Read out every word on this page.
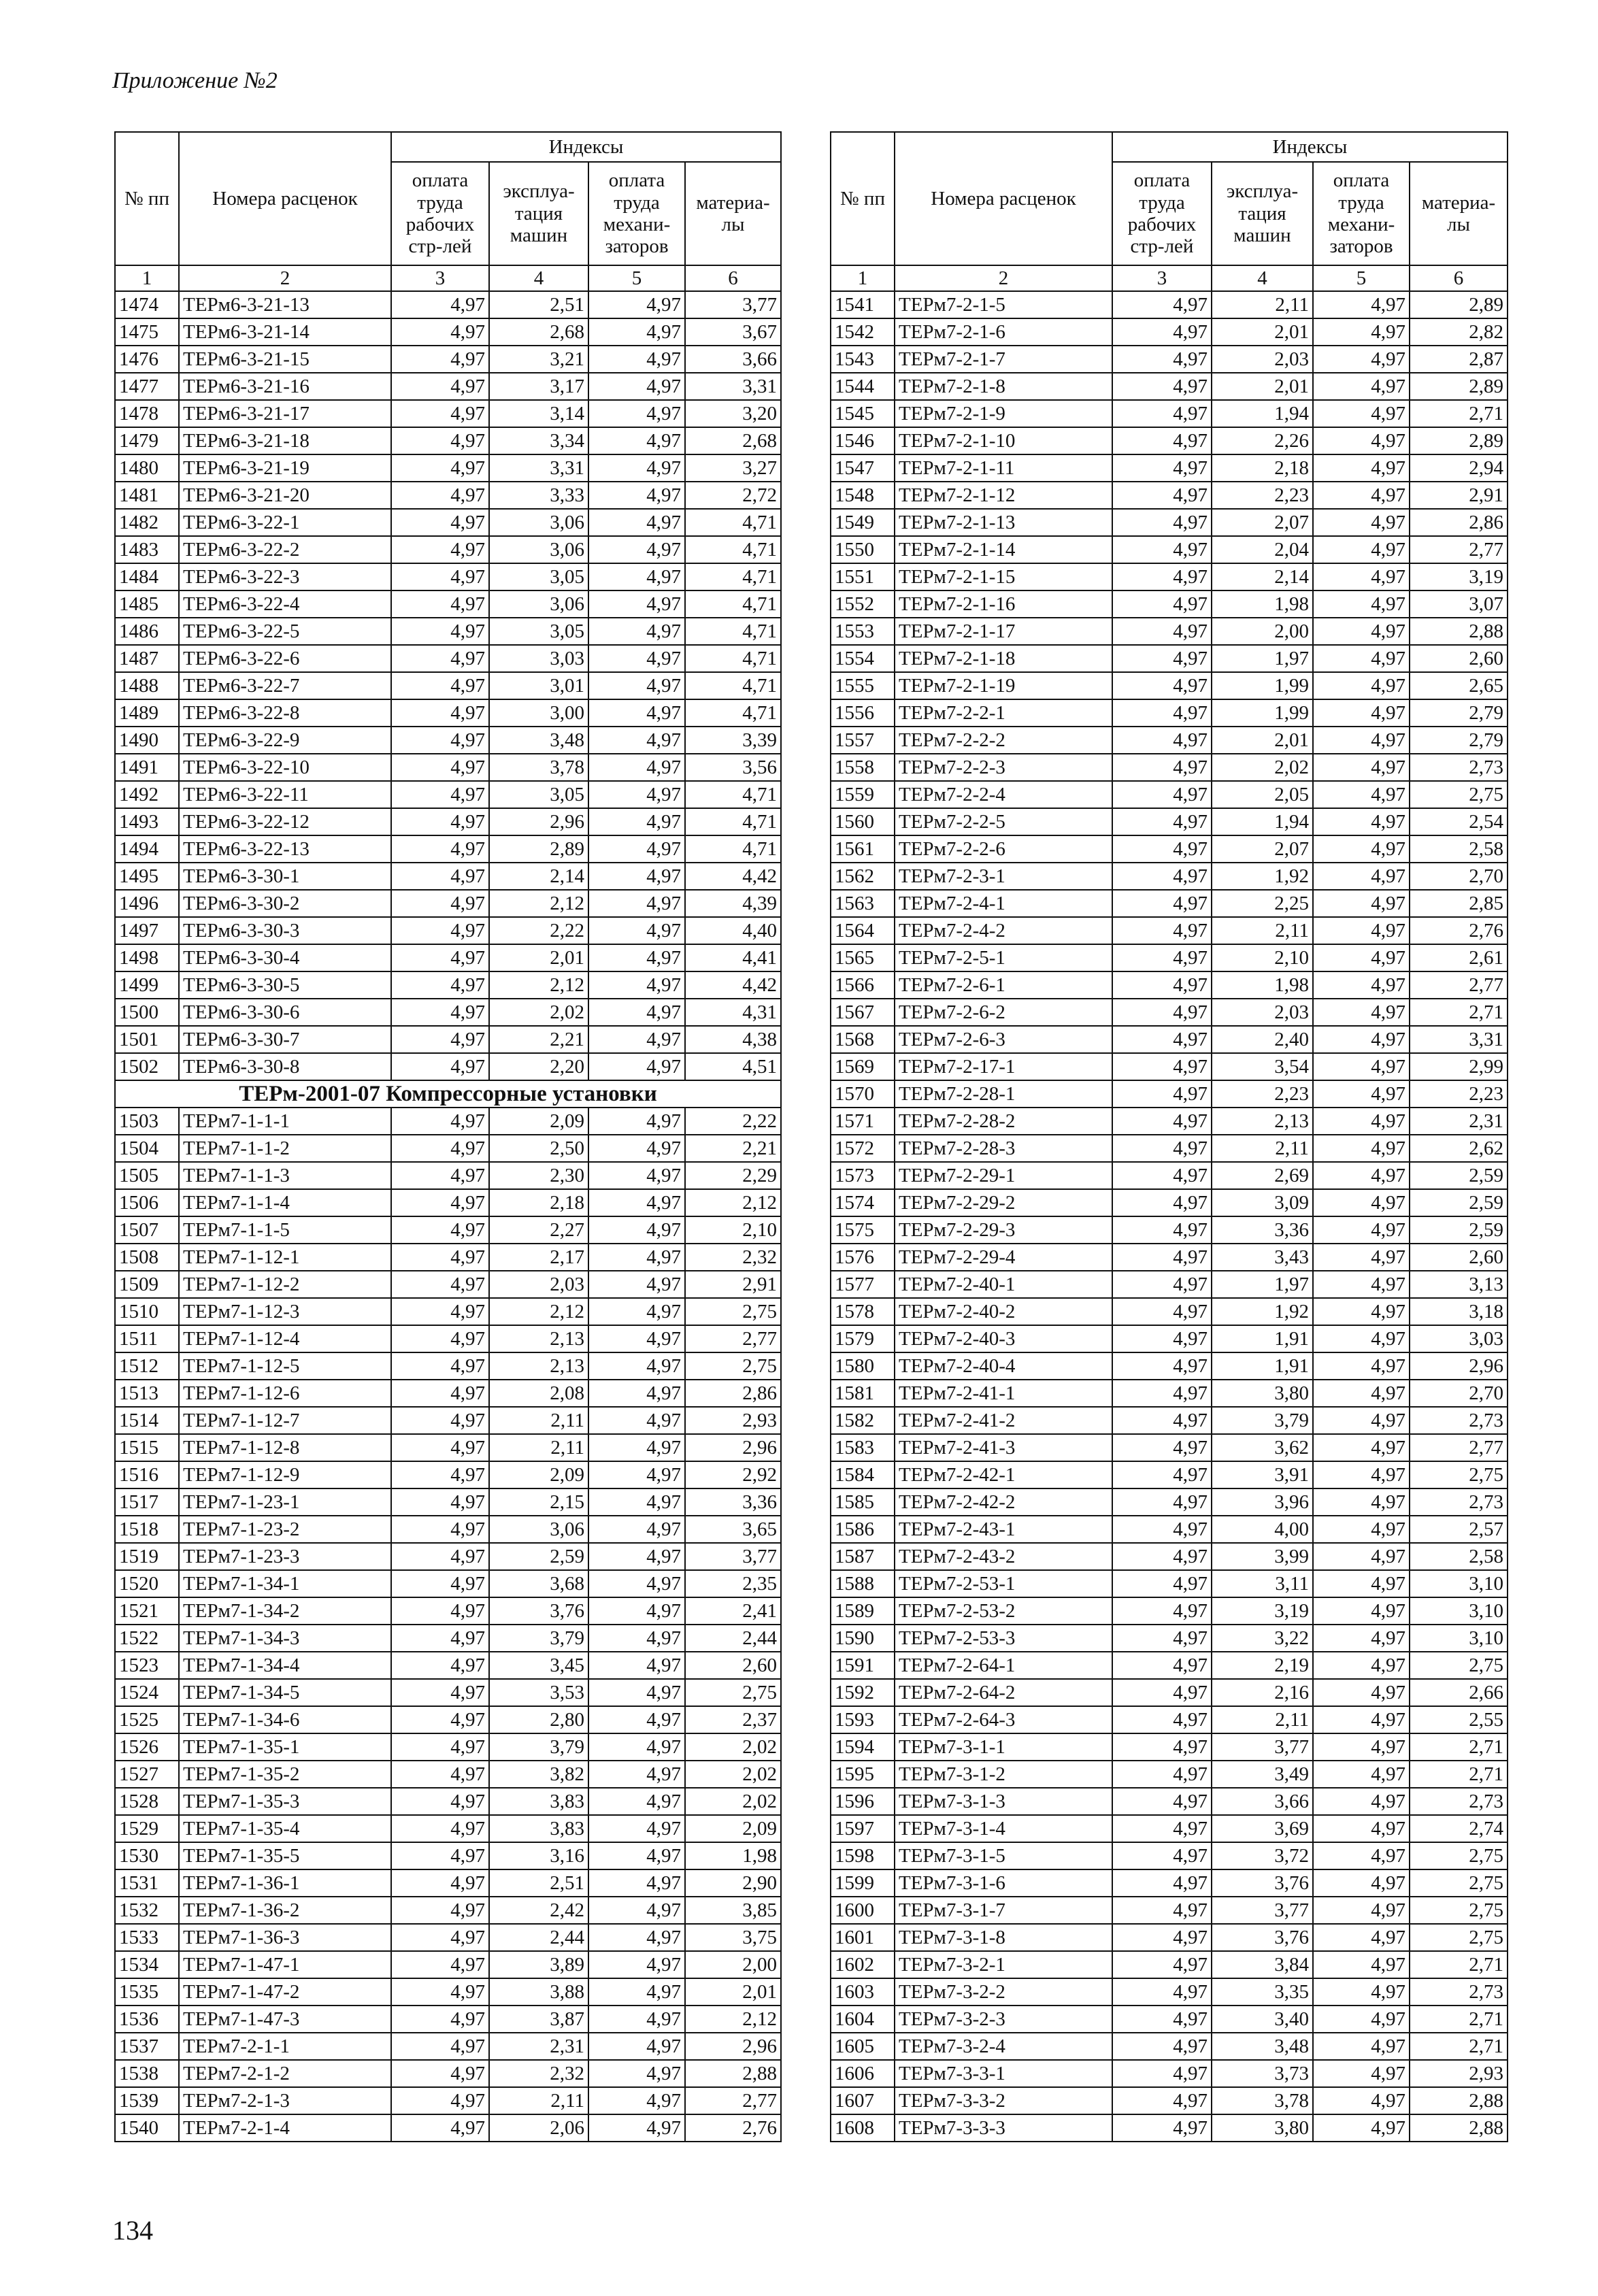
Приложение №2
№ пп	Номера расценок	Индексы			
		оплата труда рабочих стр-лей	эксплуа-тация машин	оплата труда механи-заторов	материа-лы
1	2	3	4	5	6
1474	ТЕРм6-3-21-13	4,97	2,51	4,97	3,77
1475	ТЕРм6-3-21-14	4,97	2,68	4,97	3,67
1476	ТЕРм6-3-21-15	4,97	3,21	4,97	3,66
1477	ТЕРм6-3-21-16	4,97	3,17	4,97	3,31
1478	ТЕРм6-3-21-17	4,97	3,14	4,97	3,20
1479	ТЕРм6-3-21-18	4,97	3,34	4,97	2,68
1480	ТЕРм6-3-21-19	4,97	3,31	4,97	3,27
1481	ТЕРм6-3-21-20	4,97	3,33	4,97	2,72
1482	ТЕРм6-3-22-1	4,97	3,06	4,97	4,71
1483	ТЕРм6-3-22-2	4,97	3,06	4,97	4,71
1484	ТЕРм6-3-22-3	4,97	3,05	4,97	4,71
1485	ТЕРм6-3-22-4	4,97	3,06	4,97	4,71
1486	ТЕРм6-3-22-5	4,97	3,05	4,97	4,71
1487	ТЕРм6-3-22-6	4,97	3,03	4,97	4,71
1488	ТЕРм6-3-22-7	4,97	3,01	4,97	4,71
1489	ТЕРм6-3-22-8	4,97	3,00	4,97	4,71
1490	ТЕРм6-3-22-9	4,97	3,48	4,97	3,39
1491	ТЕРм6-3-22-10	4,97	3,78	4,97	3,56
1492	ТЕРм6-3-22-11	4,97	3,05	4,97	4,71
1493	ТЕРм6-3-22-12	4,97	2,96	4,97	4,71
1494	ТЕРм6-3-22-13	4,97	2,89	4,97	4,71
1495	ТЕРм6-3-30-1	4,97	2,14	4,97	4,42
1496	ТЕРм6-3-30-2	4,97	2,12	4,97	4,39
1497	ТЕРм6-3-30-3	4,97	2,22	4,97	4,40
1498	ТЕРм6-3-30-4	4,97	2,01	4,97	4,41
1499	ТЕРм6-3-30-5	4,97	2,12	4,97	4,42
1500	ТЕРм6-3-30-6	4,97	2,02	4,97	4,31
1501	ТЕРм6-3-30-7	4,97	2,21	4,97	4,38
1502	ТЕРм6-3-30-8	4,97	2,20	4,97	4,51
ТЕРм-2001-07 Компрессорные установки					
1503	ТЕРм7-1-1-1	4,97	2,09	4,97	2,22
1504	ТЕРм7-1-1-2	4,97	2,50	4,97	2,21
1505	ТЕРм7-1-1-3	4,97	2,30	4,97	2,29
1506	ТЕРм7-1-1-4	4,97	2,18	4,97	2,12
1507	ТЕРм7-1-1-5	4,97	2,27	4,97	2,10
1508	ТЕРм7-1-12-1	4,97	2,17	4,97	2,32
1509	ТЕРм7-1-12-2	4,97	2,03	4,97	2,91
1510	ТЕРм7-1-12-3	4,97	2,12	4,97	2,75
1511	ТЕРм7-1-12-4	4,97	2,13	4,97	2,77
1512	ТЕРм7-1-12-5	4,97	2,13	4,97	2,75
1513	ТЕРм7-1-12-6	4,97	2,08	4,97	2,86
1514	ТЕРм7-1-12-7	4,97	2,11	4,97	2,93
1515	ТЕРм7-1-12-8	4,97	2,11	4,97	2,96
1516	ТЕРм7-1-12-9	4,97	2,09	4,97	2,92
1517	ТЕРм7-1-23-1	4,97	2,15	4,97	3,36
1518	ТЕРм7-1-23-2	4,97	3,06	4,97	3,65
1519	ТЕРм7-1-23-3	4,97	2,59	4,97	3,77
1520	ТЕРм7-1-34-1	4,97	3,68	4,97	2,35
1521	ТЕРм7-1-34-2	4,97	3,76	4,97	2,41
1522	ТЕРм7-1-34-3	4,97	3,79	4,97	2,44
1523	ТЕРм7-1-34-4	4,97	3,45	4,97	2,60
1524	ТЕРм7-1-34-5	4,97	3,53	4,97	2,75
1525	ТЕРм7-1-34-6	4,97	2,80	4,97	2,37
1526	ТЕРм7-1-35-1	4,97	3,79	4,97	2,02
1527	ТЕРм7-1-35-2	4,97	3,82	4,97	2,02
1528	ТЕРм7-1-35-3	4,97	3,83	4,97	2,02
1529	ТЕРм7-1-35-4	4,97	3,83	4,97	2,09
1530	ТЕРм7-1-35-5	4,97	3,16	4,97	1,98
1531	ТЕРм7-1-36-1	4,97	2,51	4,97	2,90
1532	ТЕРм7-1-36-2	4,97	2,42	4,97	3,85
1533	ТЕРм7-1-36-3	4,97	2,44	4,97	3,75
1534	ТЕРм7-1-47-1	4,97	3,89	4,97	2,00
1535	ТЕРм7-1-47-2	4,97	3,88	4,97	2,01
1536	ТЕРм7-1-47-3	4,97	3,87	4,97	2,12
1537	ТЕРм7-2-1-1	4,97	2,31	4,97	2,96
1538	ТЕРм7-2-1-2	4,97	2,32	4,97	2,88
1539	ТЕРм7-2-1-3	4,97	2,11	4,97	2,77
1540	ТЕРм7-2-1-4	4,97	2,06	4,97	2,76
№ пп	Номера расценок	Индексы			
		оплата труда рабочих стр-лей	эксплуа-тация машин	оплата труда механи-заторов	материа-лы
1	2	3	4	5	6
1541	ТЕРм7-2-1-5	4,97	2,11	4,97	2,89
1542	ТЕРм7-2-1-6	4,97	2,01	4,97	2,82
1543	ТЕРм7-2-1-7	4,97	2,03	4,97	2,87
1544	ТЕРм7-2-1-8	4,97	2,01	4,97	2,89
1545	ТЕРм7-2-1-9	4,97	1,94	4,97	2,71
1546	ТЕРм7-2-1-10	4,97	2,26	4,97	2,89
1547	ТЕРм7-2-1-11	4,97	2,18	4,97	2,94
1548	ТЕРм7-2-1-12	4,97	2,23	4,97	2,91
1549	ТЕРм7-2-1-13	4,97	2,07	4,97	2,86
1550	ТЕРм7-2-1-14	4,97	2,04	4,97	2,77
1551	ТЕРм7-2-1-15	4,97	2,14	4,97	3,19
1552	ТЕРм7-2-1-16	4,97	1,98	4,97	3,07
1553	ТЕРм7-2-1-17	4,97	2,00	4,97	2,88
1554	ТЕРм7-2-1-18	4,97	1,97	4,97	2,60
1555	ТЕРм7-2-1-19	4,97	1,99	4,97	2,65
1556	ТЕРм7-2-2-1	4,97	1,99	4,97	2,79
1557	ТЕРм7-2-2-2	4,97	2,01	4,97	2,79
1558	ТЕРм7-2-2-3	4,97	2,02	4,97	2,73
1559	ТЕРм7-2-2-4	4,97	2,05	4,97	2,75
1560	ТЕРм7-2-2-5	4,97	1,94	4,97	2,54
1561	ТЕРм7-2-2-6	4,97	2,07	4,97	2,58
1562	ТЕРм7-2-3-1	4,97	1,92	4,97	2,70
1563	ТЕРм7-2-4-1	4,97	2,25	4,97	2,85
1564	ТЕРм7-2-4-2	4,97	2,11	4,97	2,76
1565	ТЕРм7-2-5-1	4,97	2,10	4,97	2,61
1566	ТЕРм7-2-6-1	4,97	1,98	4,97	2,77
1567	ТЕРм7-2-6-2	4,97	2,03	4,97	2,71
1568	ТЕРм7-2-6-3	4,97	2,40	4,97	3,31
1569	ТЕРм7-2-17-1	4,97	3,54	4,97	2,99
1570	ТЕРм7-2-28-1	4,97	2,23	4,97	2,23
1571	ТЕРм7-2-28-2	4,97	2,13	4,97	2,31
1572	ТЕРм7-2-28-3	4,97	2,11	4,97	2,62
1573	ТЕРм7-2-29-1	4,97	2,69	4,97	2,59
1574	ТЕРм7-2-29-2	4,97	3,09	4,97	2,59
1575	ТЕРм7-2-29-3	4,97	3,36	4,97	2,59
1576	ТЕРм7-2-29-4	4,97	3,43	4,97	2,60
1577	ТЕРм7-2-40-1	4,97	1,97	4,97	3,13
1578	ТЕРм7-2-40-2	4,97	1,92	4,97	3,18
1579	ТЕРм7-2-40-3	4,97	1,91	4,97	3,03
1580	ТЕРм7-2-40-4	4,97	1,91	4,97	2,96
1581	ТЕРм7-2-41-1	4,97	3,80	4,97	2,70
1582	ТЕРм7-2-41-2	4,97	3,79	4,97	2,73
1583	ТЕРм7-2-41-3	4,97	3,62	4,97	2,77
1584	ТЕРм7-2-42-1	4,97	3,91	4,97	2,75
1585	ТЕРм7-2-42-2	4,97	3,96	4,97	2,73
1586	ТЕРм7-2-43-1	4,97	4,00	4,97	2,57
1587	ТЕРм7-2-43-2	4,97	3,99	4,97	2,58
1588	ТЕРм7-2-53-1	4,97	3,11	4,97	3,10
1589	ТЕРм7-2-53-2	4,97	3,19	4,97	3,10
1590	ТЕРм7-2-53-3	4,97	3,22	4,97	3,10
1591	ТЕРм7-2-64-1	4,97	2,19	4,97	2,75
1592	ТЕРм7-2-64-2	4,97	2,16	4,97	2,66
1593	ТЕРм7-2-64-3	4,97	2,11	4,97	2,55
1594	ТЕРм7-3-1-1	4,97	3,77	4,97	2,71
1595	ТЕРм7-3-1-2	4,97	3,49	4,97	2,71
1596	ТЕРм7-3-1-3	4,97	3,66	4,97	2,73
1597	ТЕРм7-3-1-4	4,97	3,69	4,97	2,74
1598	ТЕРм7-3-1-5	4,97	3,72	4,97	2,75
1599	ТЕРм7-3-1-6	4,97	3,76	4,97	2,75
1600	ТЕРм7-3-1-7	4,97	3,77	4,97	2,75
1601	ТЕРм7-3-1-8	4,97	3,76	4,97	2,75
1602	ТЕРм7-3-2-1	4,97	3,84	4,97	2,71
1603	ТЕРм7-3-2-2	4,97	3,35	4,97	2,73
1604	ТЕРм7-3-2-3	4,97	3,40	4,97	2,71
1605	ТЕРм7-3-2-4	4,97	3,48	4,97	2,71
1606	ТЕРм7-3-3-1	4,97	3,73	4,97	2,93
1607	ТЕРм7-3-3-2	4,97	3,78	4,97	2,88
1608	ТЕРм7-3-3-3	4,97	3,80	4,97	2,88
134
